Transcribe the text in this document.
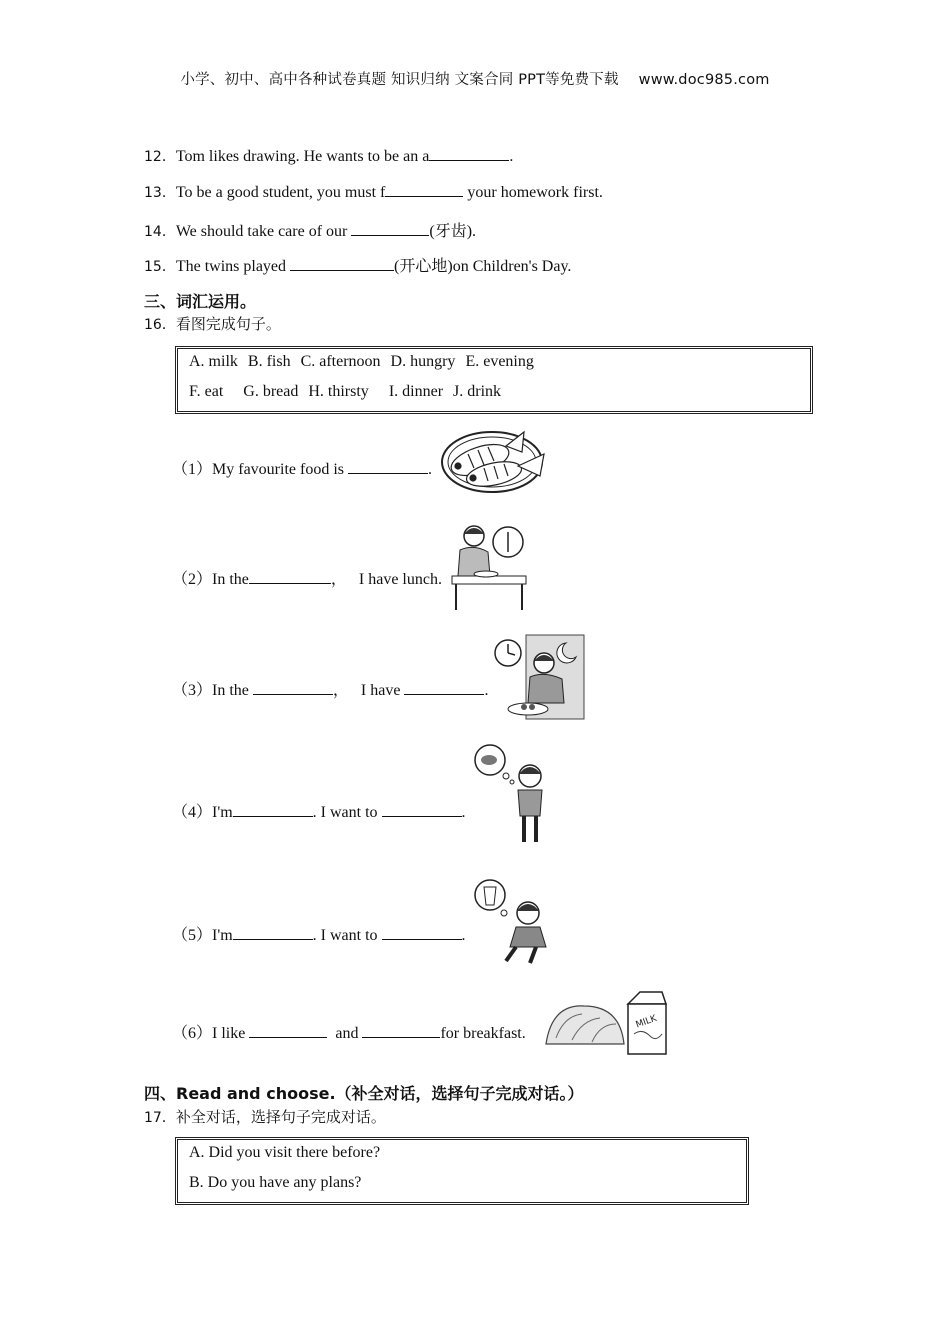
小学、初中、高中各种试卷真题 知识归纳 文案合同 PPT等免费下载 www.doc985.com
12．Tom likes drawing. He wants to be an a	.
13．To be a good student, you must f	your homework first.
14．We should take care of our	(牙齿).
15．The twins played	(开心地)on Children's Day.
三、词汇运用。
16．看图完成句子。
A. milk B. fish C. afternoon D. hungry E. evening
F. eat G. bread H. thirsty I. dinner J. drink
（1）My favourite food is	.
（2）In the	，   I have lunch.
（3）In the	，   I have	.
（4）I'm	. I want to	.
（5）I'm	. I want to	.
（6）I like	and	for breakfast.
MILK
四、Read and choose.（补全对话，选择句子完成对话。）
17．补全对话，选择句子完成对话。
A. Did you visit there before?
B. Do you have any plans?
